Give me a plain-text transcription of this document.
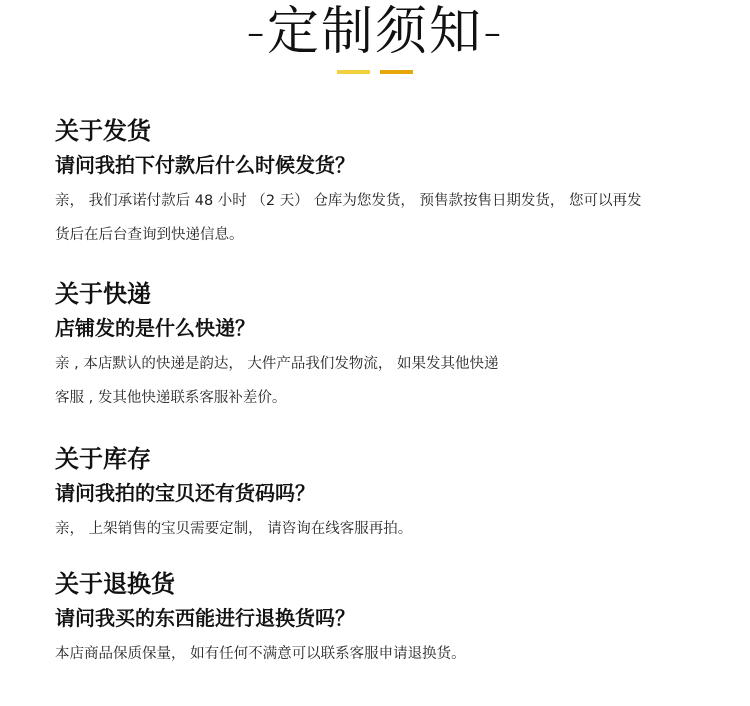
-定制须知-
关于发货
请问我拍下付款后什么时候发货？

亲， 我们承诺付款后 48 小时 （2 天） 仓库为您发货， 预售款按售日期发货， 您可以再发
货后在后台查询到快递信息。

关于快递
店铺发的是什么快递？

亲 , 本店默认的快递是韵达， 大件产品我们发物流， 如果发其他快递
客服 , 发其他快递联系客服补差价。

关于库存
请问我拍的宝贝还有货码吗？

亲， 上架销售的宝贝需要定制， 请咨询在线客服再拍。

关于退换货
请问我买的东西能进行退换货吗？

本店商品保质保量， 如有任何不满意可以联系客服申请退换货。
